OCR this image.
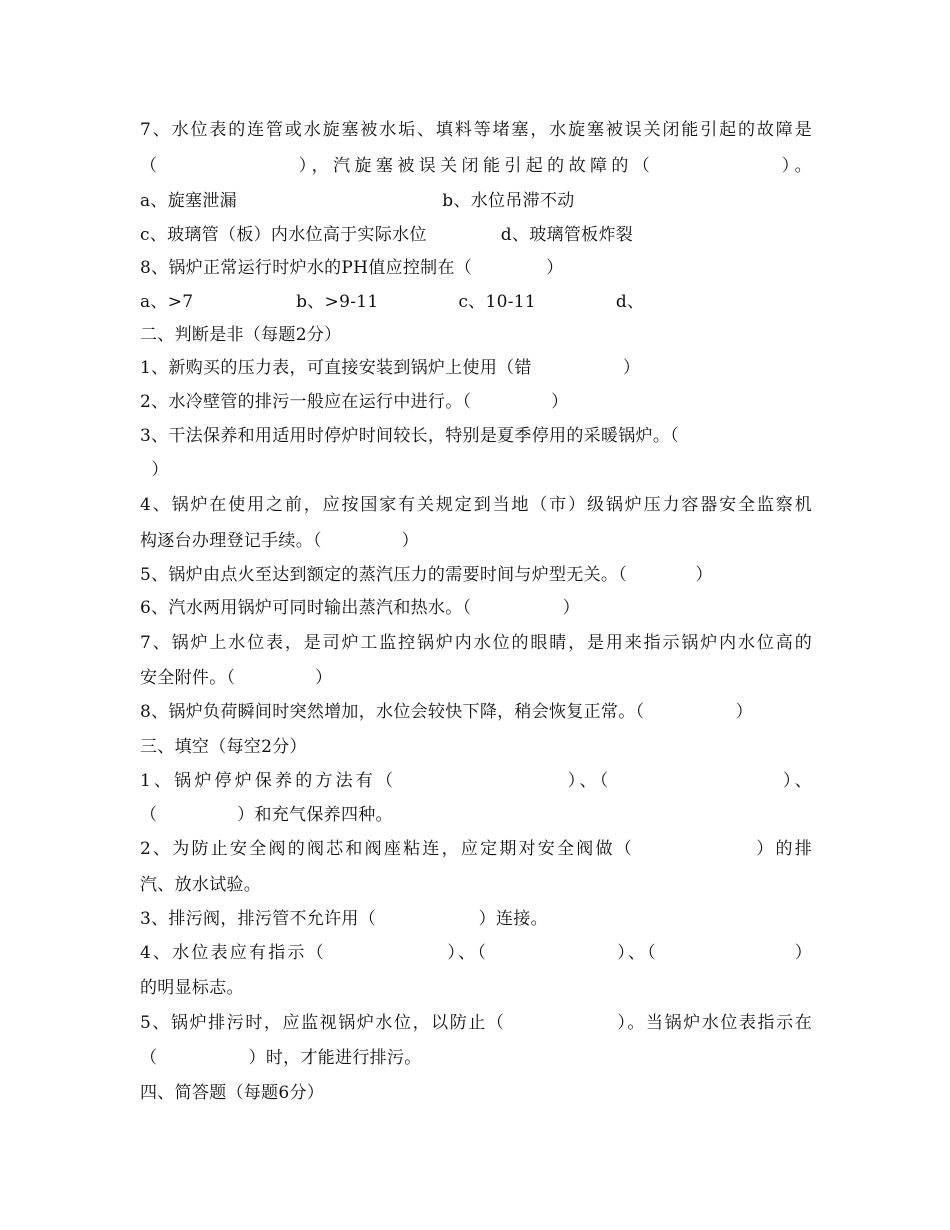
7、水位表的连管或水旋塞被水垢、填料等堵塞，水旋塞被误关闭能引起的故障是
（              ），汽旋塞被误关闭能引起的故障的（             ）。
a、旋塞泄漏                                    b、水位吊滞不动
c、玻璃管（板）内水位高于实际水位             d、玻璃管板炸裂
8、锅炉正常运行时炉水的PH值应控制在（             ）
a、>7                  b、>9-11              c、10-11              d、
二、判断是非（每题2分）
1、新购买的压力表，可直接安装到锅炉上使用（错                ）
2、水冷壁管的排污一般应在运行中进行。（              ）
3、干法保养和用适用时停炉时间较长，特别是夏季停用的采暖锅炉。（
）
4、锅炉在使用之前，应按国家有关规定到当地（市）级锅炉压力容器安全监察机
构逐台办理登记手续。（              ）
5、锅炉由点火至达到额定的蒸汽压力的需要时间与炉型无关。（            ）
6、汽水两用锅炉可同时输出蒸汽和热水。（                ）
7、锅炉上水位表，是司炉工监控锅炉内水位的眼睛，是用来指示锅炉内水位高的
安全附件。（              ）
8、锅炉负荷瞬间时突然增加，水位会较快下降，稍会恢复正常。（                ）
三、填空（每空2分）
1、锅炉停炉保养的方法有（                    ）、（                    ）、
（              ）和充气保养四种。
2、为防止安全阀的阀芯和阀座粘连，应定期对安全阀做（                ）的排
汽、放水试验。
3、排污阀，排污管不允许用（                  ）连接。
4、水位表应有指示（                ）、（                 ）、（                  ）
的明显标志。
5、锅炉排污时，应监视锅炉水位，以防止（                ）。当锅炉水位表指示在
（                ）时，才能进行排污。
四、简答题（每题6分）
